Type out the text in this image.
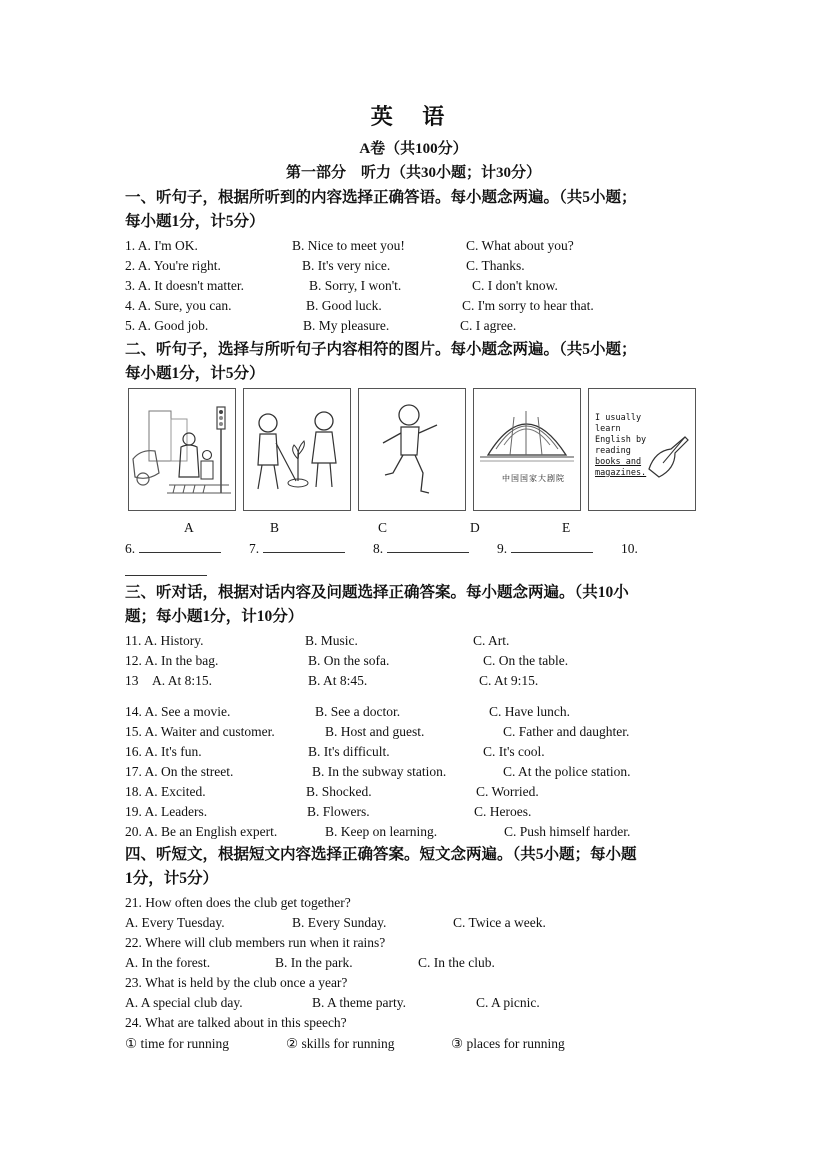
英 语
A卷（共100分）
第一部分　听力（共30小题；计30分）
一、听句子，根据所听到的内容选择正确答语。每小题念两遍。（共5小题；
每小题1分，计5分）
1. A. I'm OK.	B. Nice to meet you!	C. What about you?
2. A. You're right.	B. It's very nice.	C. Thanks.
3. A. It doesn't matter.	B. Sorry, I won't.	C. I don't know.
4. A. Sure, you can.	B. Good luck.	C. I'm sorry to hear that.
5. A. Good job.	B. My pleasure.	C. I agree.
二、听句子，选择与所听句子内容相符的图片。每小题念两遍。（共5小题；
每小题1分，计5分）
中国国家大剧院
I usually
learn
English by
reading
books and
magazines.
A	B	C	D	E
6.	7.	8.	9.	10.
三、听对话，根据对话内容及问题选择正确答案。每小题念两遍。（共10小
题；每小题1分，计10分）
11. A. History.	B. Music.	C. Art.
12. A. In the bag.	B. On the sofa.	C. On the table.
13　A. At 8:15.	B. At 8:45.	C. At 9:15.
14. A. See a movie.	B. See a doctor.	C. Have lunch.
15. A. Waiter and customer.	B. Host and guest.	C. Father and daughter.
16. A. It's fun.	B. It's difficult.	C. It's cool.
17. A. On the street.	B. In the subway station.	C. At the police station.
18. A. Excited.	B. Shocked.	C. Worried.
19. A. Leaders.	B. Flowers.	C. Heroes.
20. A. Be an English expert.	B. Keep on learning.	C. Push himself harder.
四、听短文，根据短文内容选择正确答案。短文念两遍。（共5小题；每小题
1分，计5分）
21. How often does the club get together?
A. Every Tuesday.	B. Every Sunday.	C. Twice a week.
22. Where will club members run when it rains?
A. In the forest.	B. In the park.	C. In the club.
23. What is held by the club once a year?
A. A special club day.	B. A theme party.	C. A picnic.
24. What are talked about in this speech?
① time for running	② skills for running	③ places for running
